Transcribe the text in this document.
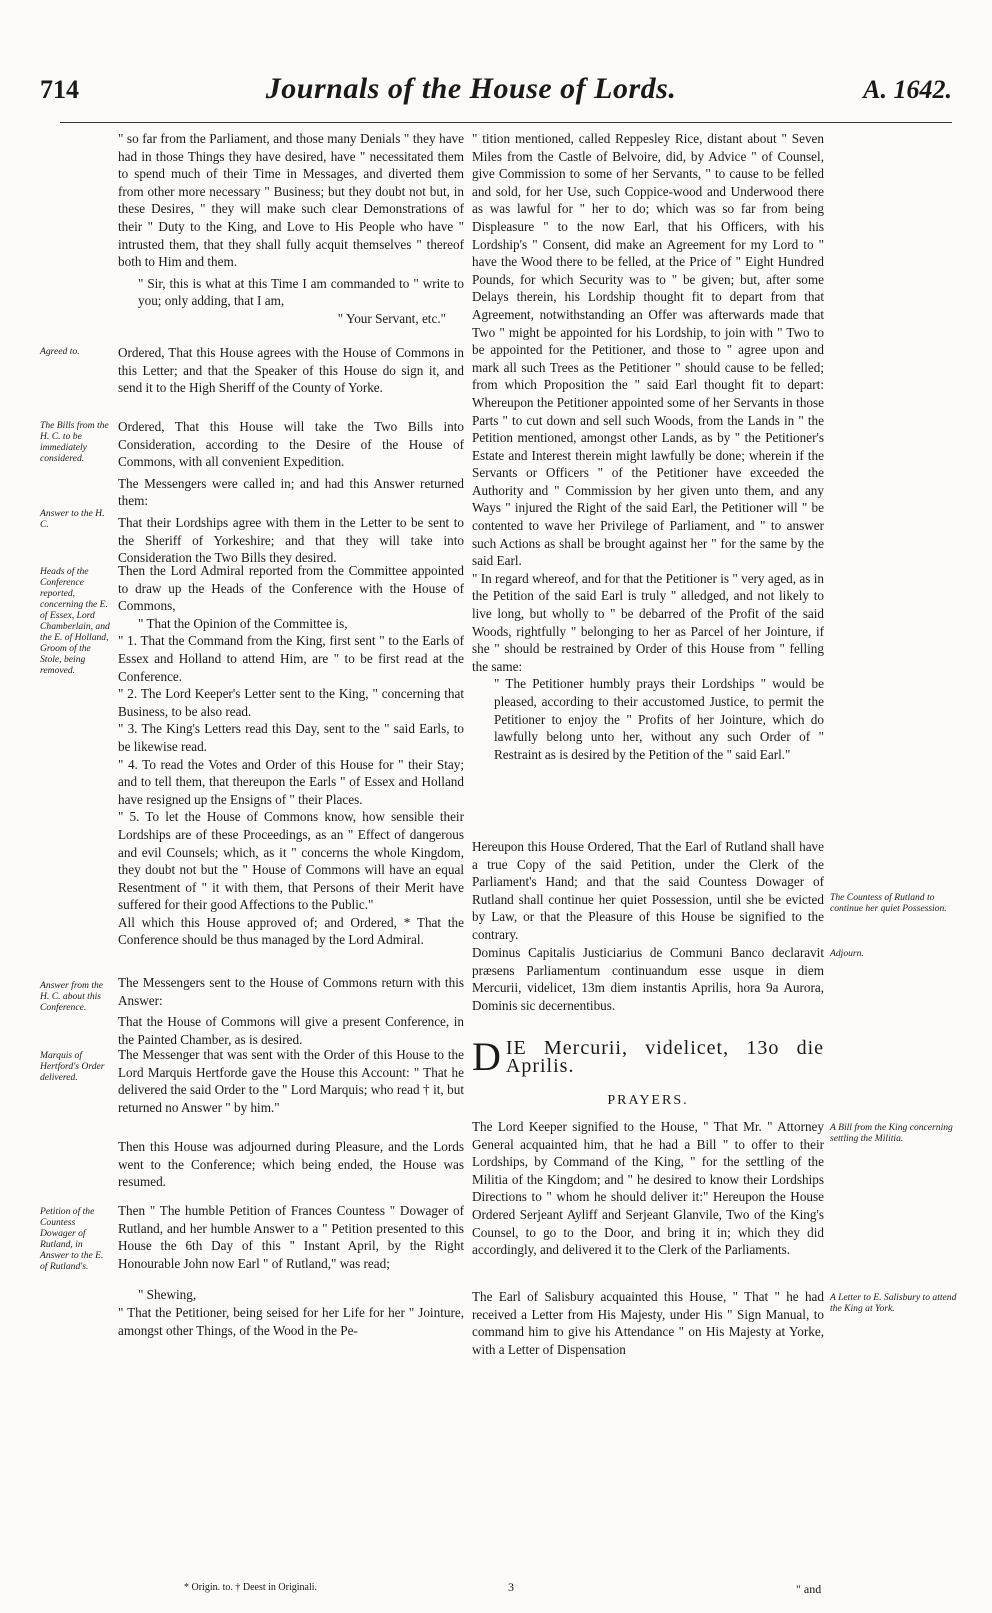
714	Journals of the House of Lords.	A. 1642.

" so far from the Parliament, and those many Denials " they have had in those Things they have desired, have " necessitated them to spend much of their Time in Messages, and diverted them from other more necessary " Business; but they doubt not but, in these Desires, " they will make such clear Demonstrations of their " Duty to the King, and Love to His People who have " intrusted them, that they shall fully acquit themselves " thereof both to Him and them.

" Sir, this is what at this Time I am commanded to " write to you; only adding, that I am,

" Your Servant, etc."

Ordered, That this House agrees with the House of Commons in this Letter; and that the Speaker of this House do sign it, and send it to the High Sheriff of the County of Yorke.

Ordered, That this House will take the Two Bills into Consideration, according to the Desire of the House of Commons, with all convenient Expedition.

The Messengers were called in; and had this Answer returned them:

That their Lordships agree with them in the Letter to be sent to the Sheriff of Yorkeshire; and that they will take into Consideration the Two Bills they desired.

Then the Lord Admiral reported from the Committee appointed to draw up the Heads of the Conference with the House of Commons,

" That the Opinion of the Committee is,

" 1. That the Command from the King, first sent " to the Earls of Essex and Holland to attend Him, are " to be first read at the Conference.

" 2. The Lord Keeper's Letter sent to the King, " concerning that Business, to be also read.

" 3. The King's Letters read this Day, sent to the " said Earls, to be likewise read.

" 4. To read the Votes and Order of this House for " their Stay; and to tell them, that thereupon the Earls " of Essex and Holland have resigned up the Ensigns of " their Places.

" 5. To let the House of Commons know, how sensible their Lordships are of these Proceedings, as an " Effect of dangerous and evil Counsels; which, as it " concerns the whole Kingdom, they doubt not but the " House of Commons will have an equal Resentment of " it with them, that Persons of their Merit have suffered for their good Affections to the Public."

All which this House approved of; and Ordered, * That the Conference should be thus managed by the Lord Admiral.

The Messengers sent to the House of Commons return with this Answer:

That the House of Commons will give a present Conference, in the Painted Chamber, as is desired.

The Messenger that was sent with the Order of this House to the Lord Marquis Hertforde gave the House this Account: " That he delivered the said Order to the " Lord Marquis; who read † it, but returned no Answer " by him."

Then this House was adjourned during Pleasure, and the Lords went to the Conference; which being ended, the House was resumed.

Then " The humble Petition of Frances Countess " Dowager of Rutland, and her humble Answer to a " Petition presented to this House the 6th Day of this " Instant April, by the Right Honourable John now Earl " of Rutland," was read;

" Shewing,

" That the Petitioner, being seised for her Life for her " Jointure, amongst other Things, of the Wood in the Pe-

Agreed to.
The Bills from the H. C. to be immediately considered.
Answer to the H. C.
Heads of the Conference reported, concerning the E. of Essex, Lord Chamberlain, and the E. of Holland, Groom of the Stole, being removed.
Answer from the H. C. about this Conference.
Marquis of Hertford's Order delivered.
Petition of the Countess Dowager of Rutland, in Answer to the E. of Rutland's.

" tition mentioned, called Reppesley Rice, distant about " Seven Miles from the Castle of Belvoire, did, by Advice " of Counsel, give Commission to some of her Servants, " to cause to be felled and sold, for her Use, such Coppice-wood and Underwood there as was lawful for " her to do; which was so far from being Displeasure " to the now Earl, that his Officers, with his Lordship's " Consent, did make an Agreement for my Lord to " have the Wood there to be felled, at the Price of " Eight Hundred Pounds, for which Security was to " be given; but, after some Delays therein, his Lordship thought fit to depart from that Agreement, notwithstanding an Offer was afterwards made that Two " might be appointed for his Lordship, to join with " Two to be appointed for the Petitioner, and those to " agree upon and mark all such Trees as the Petitioner " should cause to be felled; from which Proposition the " said Earl thought fit to depart: Whereupon the Petitioner appointed some of her Servants in those Parts " to cut down and sell such Woods, from the Lands in " the Petition mentioned, amongst other Lands, as by " the Petitioner's Estate and Interest therein might lawfully be done; wherein if the Servants or Officers " of the Petitioner have exceeded the Authority and " Commission by her given unto them, and any Ways " injured the Right of the said Earl, the Petitioner will " be contented to wave her Privilege of Parliament, and " to answer such Actions as shall be brought against her " for the same by the said Earl.

" In regard whereof, and for that the Petitioner is " very aged, as in the Petition of the said Earl is truly " alledged, and not likely to live long, but wholly to " be debarred of the Profit of the said Woods, rightfully " belonging to her as Parcel of her Jointure, if she " should be restrained by Order of this House from " felling the same:

" The Petitioner humbly prays their Lordships " would be pleased, according to their accustomed Justice, to permit the Petitioner to enjoy the " Profits of her Jointure, which do lawfully belong unto her, without any such Order of " Restraint as is desired by the Petition of the " said Earl."

Hereupon this House Ordered, That the Earl of Rutland shall have a true Copy of the said Petition, under the Clerk of the Parliament's Hand; and that the said Countess Dowager of Rutland shall continue her quiet Possession, until she be evicted by Law, or that the Pleasure of this House be signified to the contrary.

Dominus Capitalis Justiciarius de Communi Banco declaravit præsens Parliamentum continuandum esse usque in diem Mercurii, videlicet, 13m diem instantis Aprilis, hora 9a Aurora, Dominis sic decernentibus.

D IE Mercurii, videlicet, 13o die Aprilis.
PRAYERS.

The Lord Keeper signified to the House, " That Mr. " Attorney General acquainted him, that he had a Bill " to offer to their Lordships, by Command of the King, " for the settling of the Militia of the Kingdom; and " he desired to know their Lordships Directions to " whom he should deliver it:" Hereupon the House Ordered Serjeant Ayliff and Serjeant Glanvile, Two of the King's Counsel, to go to the Door, and bring it in; which they did accordingly, and delivered it to the Clerk of the Parliaments.

The Earl of Salisbury acquainted this House, " That " he had received a Letter from His Majesty, under His " Sign Manual, to command him to give his Attendance " on His Majesty at Yorke, with a Letter of Dispensation

The Countess of Rutland to continue her quiet Possession.
Adjourn.
A Bill from the King concerning settling the Militia.
A Letter to E. Salisbury to attend the King at York.
* Origin. to. † Deest in Originali.	3	" and
